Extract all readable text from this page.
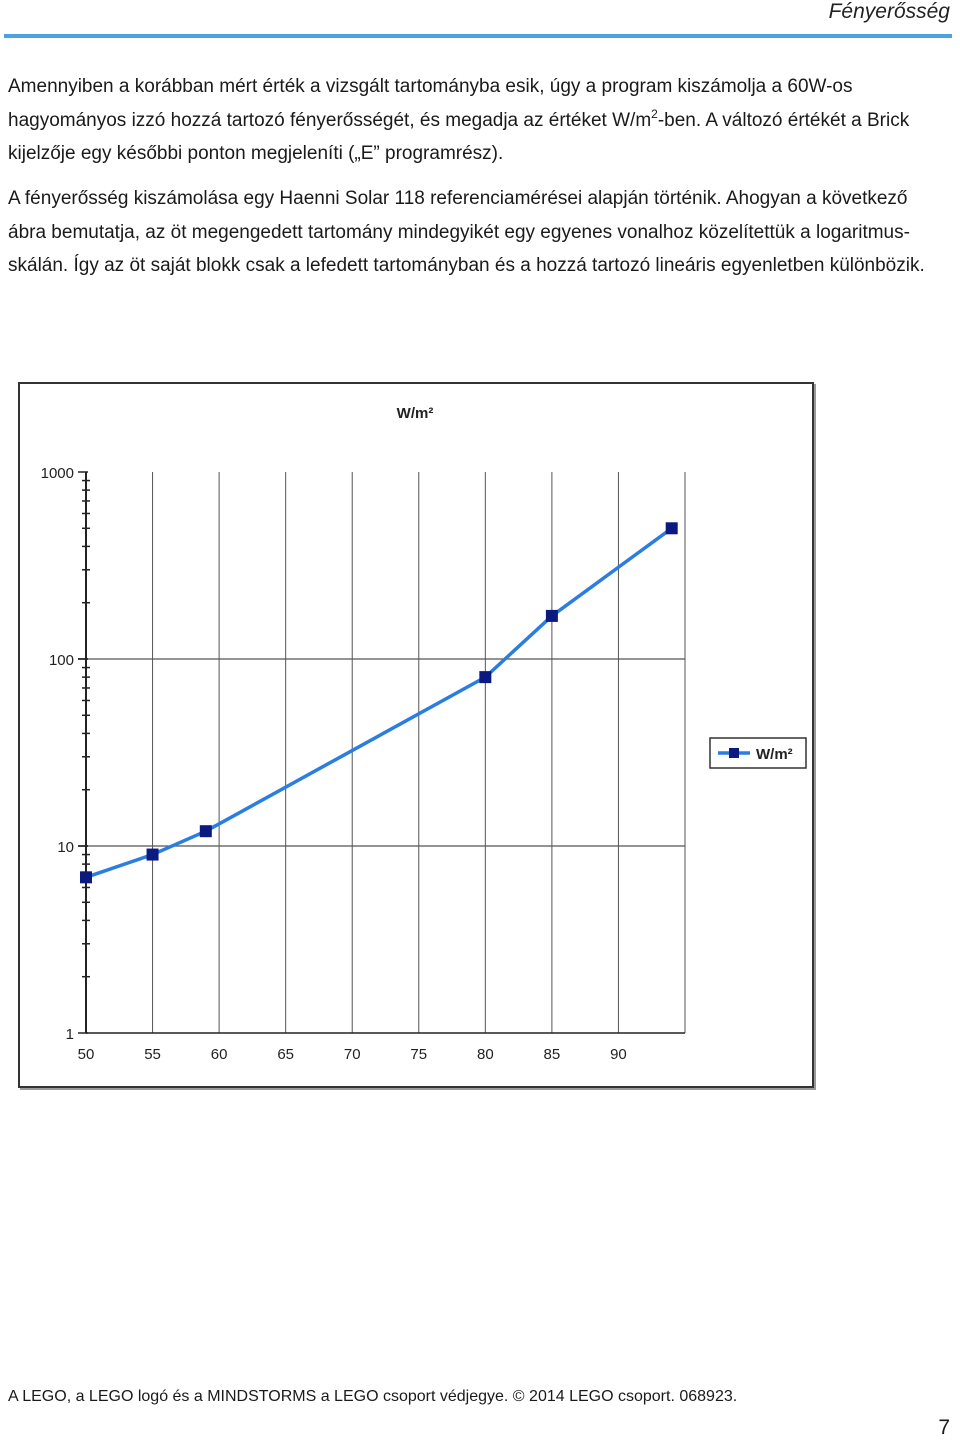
Fényerősség

Amennyiben a korábban mért érték a vizsgált tartományba esik, úgy a program kiszámolja a 60W-os hagyományos izzó hozzá tartozó fényerősségét, és megadja az értéket $W/m^2$-ben. A változó értékét a Brick kijelzője egy későbbi ponton megjeleníti („E” programrész).

A fényerősség kiszámolása egy Haenni Solar 118 referenciamérései alapján történik. Ahogyan a következő ábra bemutatja, az öt megengedett tartomány mindegyikét egy egyenes vonalhoz közelítettük a logaritmus-skálán. Így az öt saját blokk csak a lefedett tartományban és a hozzá tartozó lineáris egyenletben különbözik.

1
10
100
1000
50	55	60	65	70	75	80	85	90
W/m²
W/m²
A LEGO, a LEGO logó és a MINDSTORMS a LEGO csoport védjegye. © 2014 LEGO csoport. 068923.
7
